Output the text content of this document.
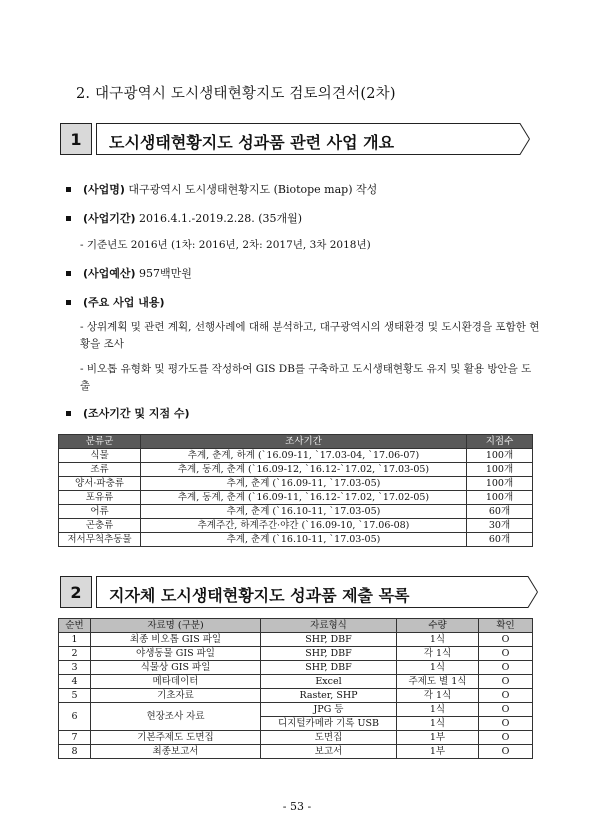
2. 대구광역시 도시생태현황지도 검토의견서(2차)
1	도시생태현황지도 성과품 관련 사업 개요
(사업명) 대구광역시 도시생태현황지도 (Biotope map) 작성
(사업기간) 2016.4.1.-2019.2.28. (35개월)
- 기준년도 2016년 (1차: 2016년, 2차: 2017년, 3차 2018년)
(사업예산) 957백만원
(주요 사업 내용)
- 상위계획 및 관련 계획, 선행사례에 대해 분석하고, 대구광역시의 생태환경 및 도시환경을 포함한 현황을 조사
- 비오톱 유형화 및 평가도를 작성하여 GIS DB를 구축하고 도시생태현황도 유지 및 활용 방안을 도출
(조사기간 및 지점 수)
분류군	조사기간	지점수
식물	추계, 춘계, 하계 (`16.09-11, `17.03-04, `17.06-07)	100개
조류	추계, 동계, 춘계 (`16.09-12, `16.12-`17.02, `17.03-05)	100개
양서·파충류	추계, 춘계 (`16.09-11, `17.03-05)	100개
포유류	추계, 동계, 춘계 (`16.09-11, `16.12-`17.02, `17.02-05)	100개
어류	추계, 춘계 (`16.10-11, `17.03-05)	60개
곤충류	추계주간, 하계주간·야간 (`16.09-10, `17.06-08)	30개
저서무척추동물	추계, 춘계 (`16.10-11, `17.03-05)	60개
2	지자체 도시생태현황지도 성과품 제출 목록
순번	자료명 (구분)	자료형식	수량	확인
1	최종 비오톱 GIS 파일	SHP, DBF	1식	O
2	야생동물 GIS 파일	SHP, DBF	각 1식	O
3	식물상 GIS 파일	SHP, DBF	1식	O
4	메타데이터	Excel	주제도 별 1식	O
5	기초자료	Raster, SHP	각 1식	O
6	현장조사 자료	JPG 등	1식	O
		디지털카메라 기록 USB	1식	O
7	기본주제도 도면집	도면집	1부	O
8	최종보고서	보고서	1부	O
- 53 -
